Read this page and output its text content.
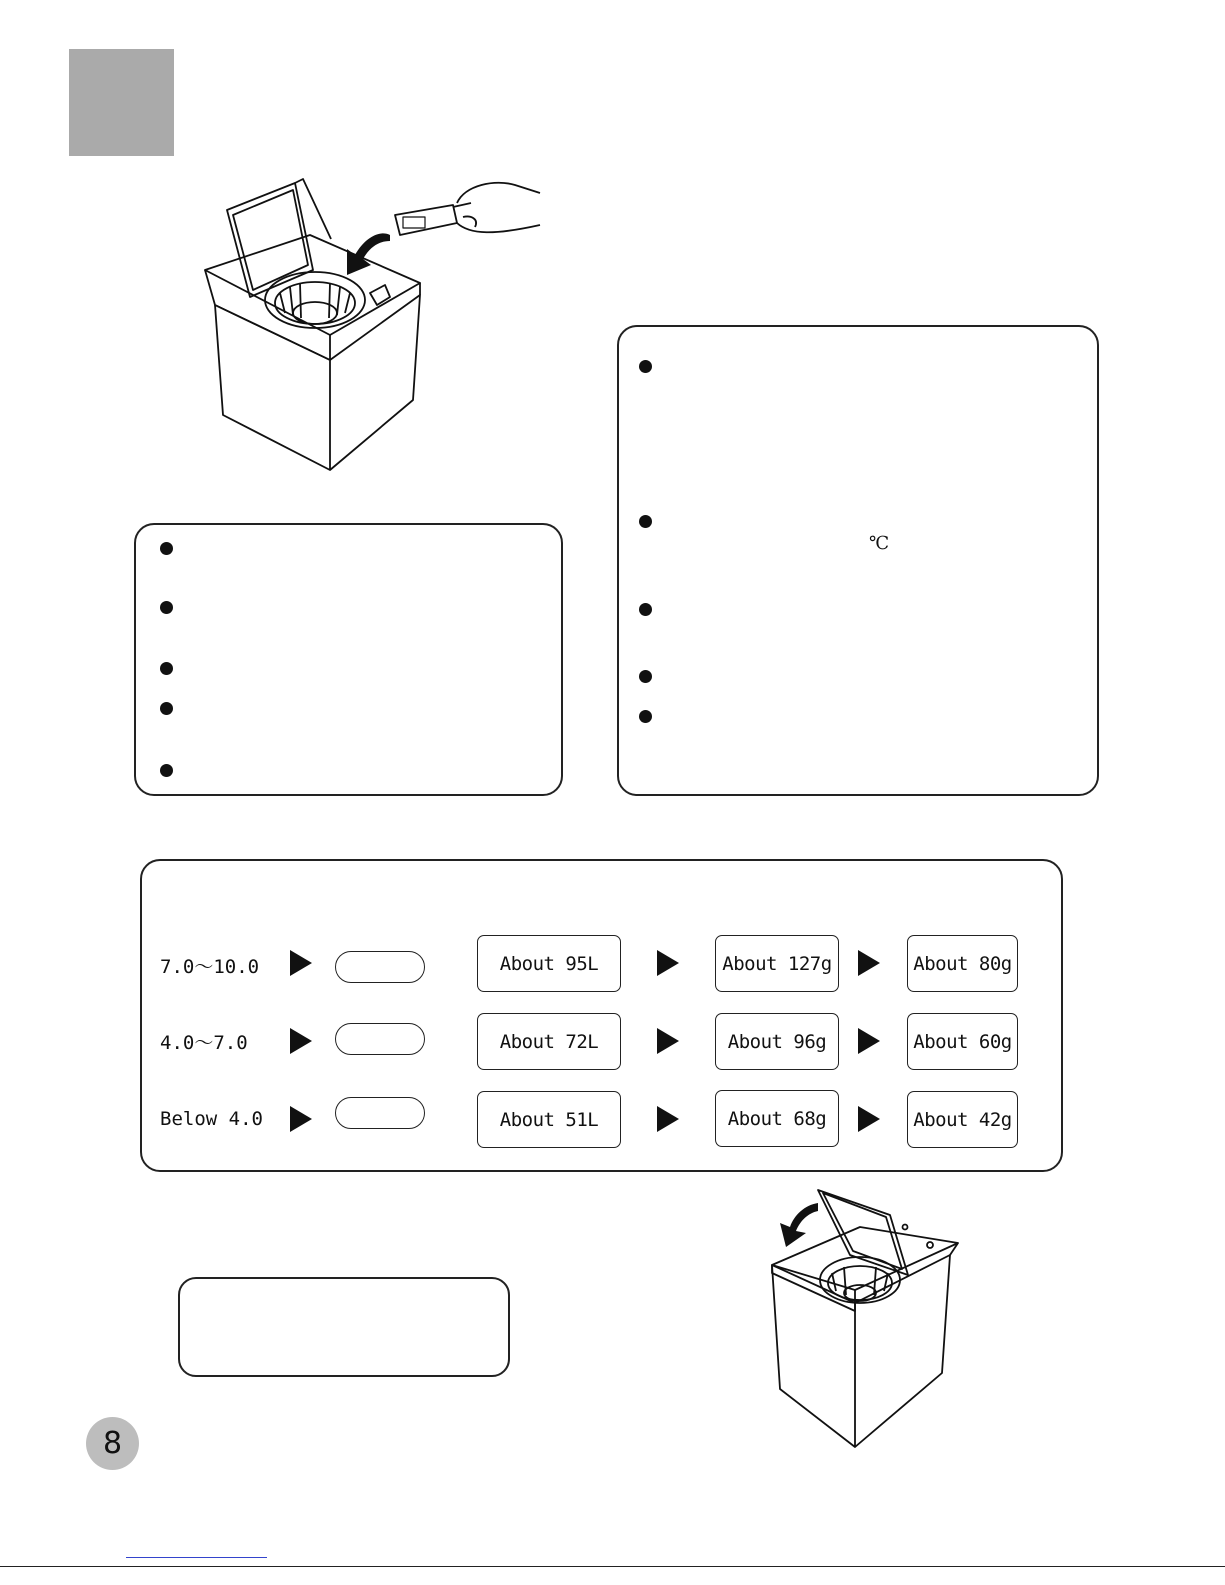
℃
7.0～10.0	About 95L	About 127g	About 80g
4.0～7.0	About 72L	About 96g	About 60g
Below 4.0	About 51L	About 68g	About 42g
8
